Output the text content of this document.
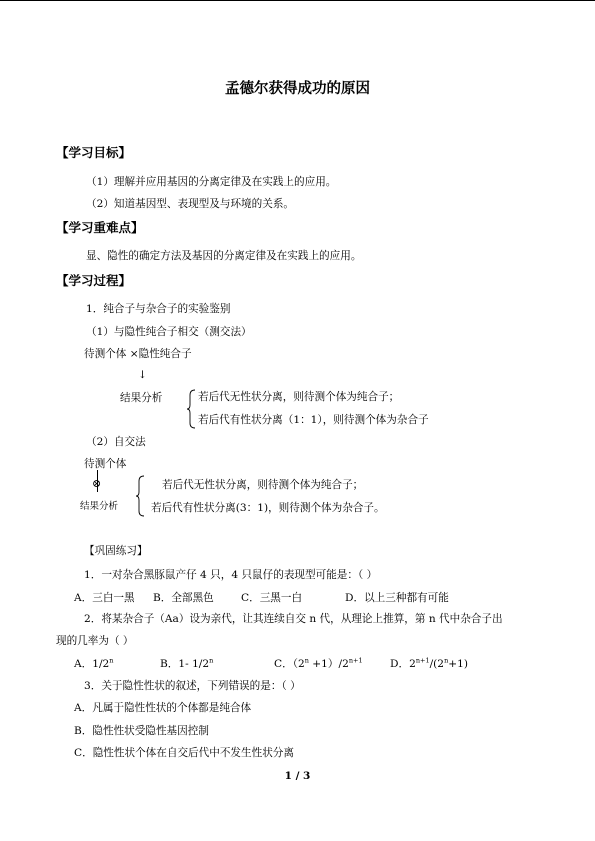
孟德尔获得成功的原因
【学习目标】
（1）理解并应用基因的分离定律及在实践上的应用。
（2）知道基因型、表现型及与环境的关系。
【学习重难点】
显、隐性的确定方法及基因的分离定律及在实践上的应用。
【学习过程】
1．纯合子与杂合子的实验鉴别
（1）与隐性纯合子相交（测交法）
待测个体 ×隐性纯合子
↓
结果分析	若后代无性状分离，则待测个体为纯合子；
若后代有性状分离（1：1），则待测个体为杂合子
（2）自交法
待测个体
⊗
结果分析
若后代无性状分离，则待测个体为纯合子；
若后代有性状分离(3：1)，则待测个体为杂合子。
【巩固练习】
1．一对杂合黑豚鼠产仔 4 只，4 只鼠仔的表现型可能是：（ ）
A．三白一黑 B．全部黑色	C．三黑一白	D．以上三种都有可能
2．将某杂合子（Aa）设为亲代，让其连续自交 n 代，从理论上推算，第 n 代中杂合子出
现的几率为（ ）
A．1/2$^n$	B．1- 1/2$^n$	C．$(2^n +1)/2^{n+1}$	D．$2^{n+1}/(2^n+1)$
3．关于隐性性状的叙述，下列错误的是：（ ）
A．凡属于隐性性状的个体都是纯合体
B．隐性性状受隐性基因控制
C．隐性性状个体在自交后代中不发生性状分离
1 / 3
